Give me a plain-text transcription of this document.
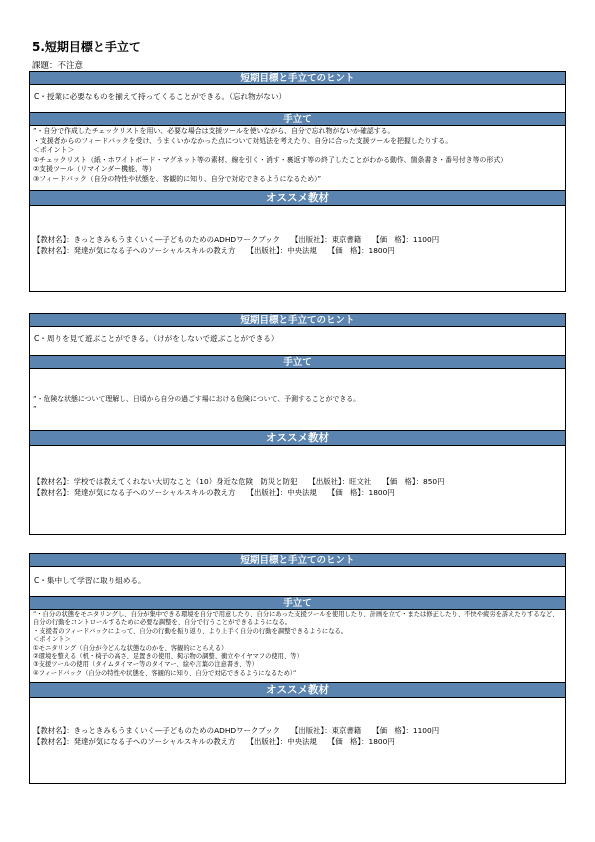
5.短期目標と手立て
課題：不注意
短期目標と手立てのヒント
C・授業に必要なものを揃えて持ってくることができる。（忘れ物がない）
手立て
”・自分で作成したチェックリストを用い、必要な場合は支援ツールを使いながら、自分で忘れ物がないか確認する。
・支援者からのフィードバックを受け、うまくいかなかった点について対処法を考えたり、自分に合った支援ツールを把握したりする。
＜ポイント＞
①チェックリスト（紙・ホワイトボード・マグネット等の素材、線を引く・消す・裏返す等の終了したことがわかる動作、箇条書き・番号付き等の形式）
②支援ツール（リマインダー機能、等）
③フィードバック（自分の特性や状態を、客観的に知り、自分で対応できるようになるため）”
オススメ教材
【教材名】：きっときみもうまくいく―子どものためのADHDワークブック　　【出版社】：東京書籍　　【価　格】：1100円
【教材名】：発達が気になる子へのソーシャルスキルの教え方　　【出版社】：中央法規　　【価　格】：1800円
短期目標と手立てのヒント
C・周りを見て遊ぶことができる。（けがをしないで遊ぶことができる）
手立て
”・危険な状態について理解し、日頃から自分の過ごす場における危険について、予測することができる。
”
オススメ教材
【教材名】：学校では教えてくれない大切なこと（10）身近な危険　防災と防犯　　【出版社】：旺文社　　【価　格】：850円
【教材名】：発達が気になる子へのソーシャルスキルの教え方　　【出版社】：中央法規　　【価　格】：1800円
短期目標と手立てのヒント
C・集中して学習に取り組める。
手立て
”・自分の状態をモニタリングし、自分が集中できる環境を自分で用意したり、自分にあった支援ツールを使用したり、計画を立て・または修正したり、不快や疲労を訴えたりするなど、自分の行動をコントロールするために必要な調整を、自分で行うことができるようになる。
・支援者のフィードバックによって、自分の行動を振り返り、より上手く自分の行動を調整できるようになる。
＜ポイント＞
①モニタリング（自分が今どんな状態なのかを、客観的にとらえる）
②環境を整える（机・椅子の高さ、足置きの使用、掲示物の調整、衝立やイヤマフの使用、等）
③支援ツールの使用（タイムタイマー等のタイマー、絵や言葉の注意書き、等）
④フィードバック（自分の特性や状態を、客観的に知り、自分で対応できるようになるため）”
オススメ教材
【教材名】：きっときみもうまくいく―子どものためのADHDワークブック　　【出版社】：東京書籍　　【価　格】：1100円
【教材名】：発達が気になる子へのソーシャルスキルの教え方　　【出版社】：中央法規　　【価　格】：1800円
